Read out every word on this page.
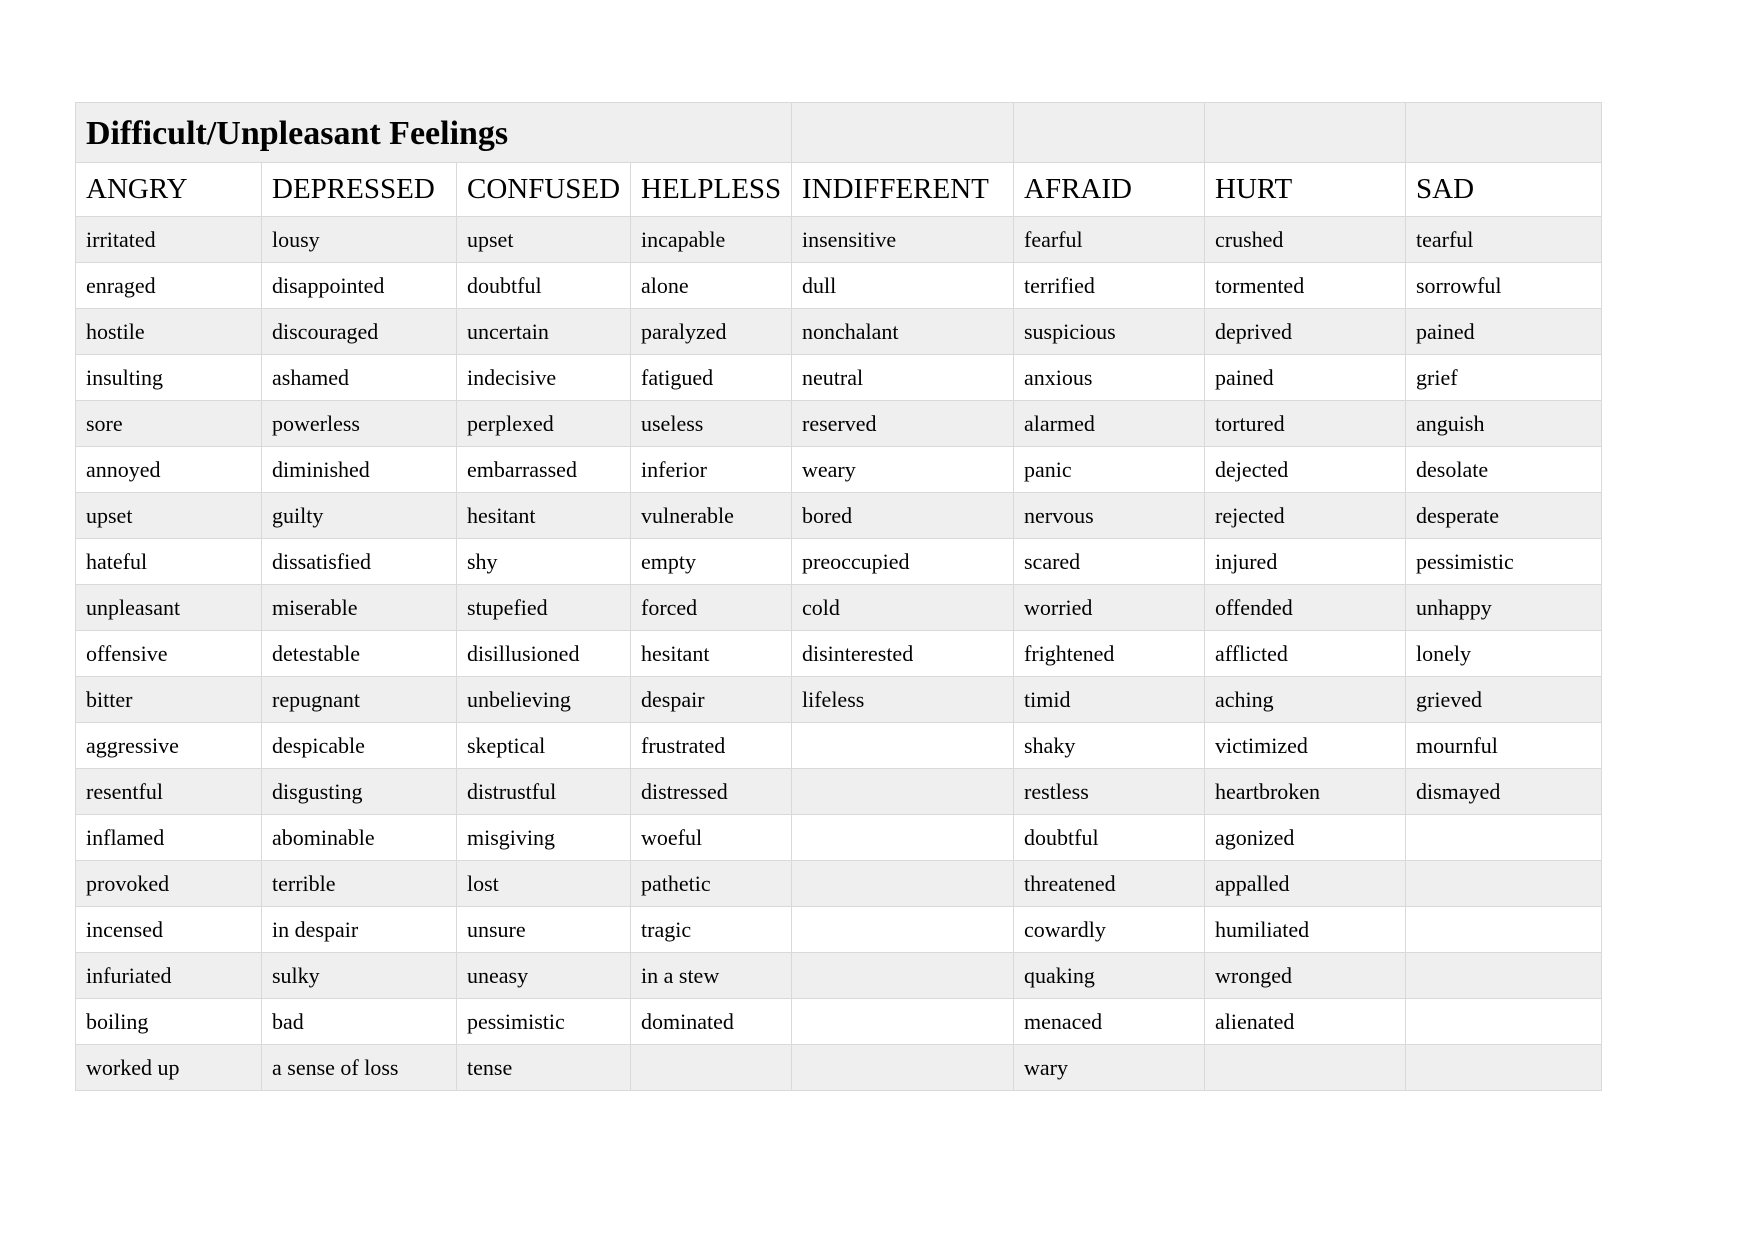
Difficult/Unpleasant Feelings							
ANGRY	DEPRESSED	CONFUSED	HELPLESS	INDIFFERENT	AFRAID	HURT	SAD
irritated	lousy	upset	incapable	insensitive	fearful	crushed	tearful
enraged	disappointed	doubtful	alone	dull	terrified	tormented	sorrowful
hostile	discouraged	uncertain	paralyzed	nonchalant	suspicious	deprived	pained
insulting	ashamed	indecisive	fatigued	neutral	anxious	pained	grief
sore	powerless	perplexed	useless	reserved	alarmed	tortured	anguish
annoyed	diminished	embarrassed	inferior	weary	panic	dejected	desolate
upset	guilty	hesitant	vulnerable	bored	nervous	rejected	desperate
hateful	dissatisfied	shy	empty	preoccupied	scared	injured	pessimistic
unpleasant	miserable	stupefied	forced	cold	worried	offended	unhappy
offensive	detestable	disillusioned	hesitant	disinterested	frightened	afflicted	lonely
bitter	repugnant	unbelieving	despair	lifeless	timid	aching	grieved
aggressive	despicable	skeptical	frustrated		shaky	victimized	mournful
resentful	disgusting	distrustful	distressed		restless	heartbroken	dismayed
inflamed	abominable	misgiving	woeful		doubtful	agonized	
provoked	terrible	lost	pathetic		threatened	appalled	
incensed	in despair	unsure	tragic		cowardly	humiliated	
infuriated	sulky	uneasy	in a stew		quaking	wronged	
boiling	bad	pessimistic	dominated		menaced	alienated	
worked up	a sense of loss	tense			wary		
